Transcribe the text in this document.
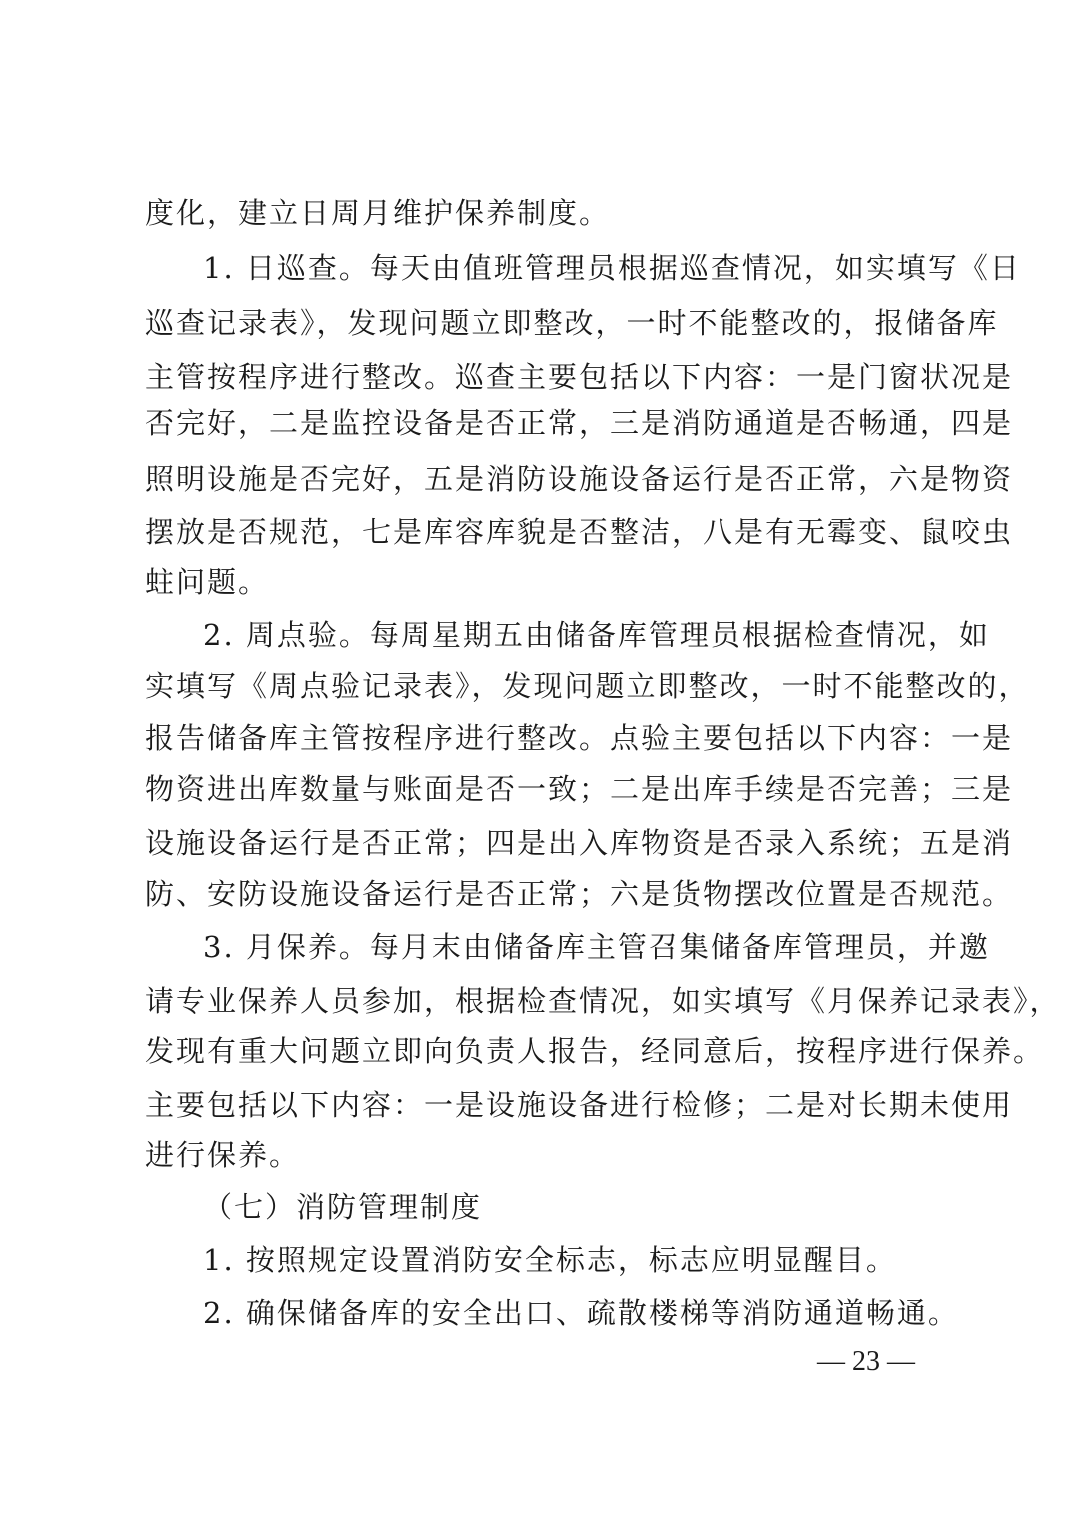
度化，建立日周月维护保养制度。
1. 日巡查。每天由值班管理员根据巡查情况，如实填写《日
巡查记录表》，发现问题立即整改，一时不能整改的，报储备库
主管按程序进行整改。巡查主要包括以下内容：一是门窗状况是
否完好，二是监控设备是否正常，三是消防通道是否畅通，四是
照明设施是否完好，五是消防设施设备运行是否正常，六是物资
摆放是否规范，七是库容库貌是否整洁，八是有无霉变、鼠咬虫
蛀问题。
2. 周点验。每周星期五由储备库管理员根据检查情况，如
实填写《周点验记录表》，发现问题立即整改，一时不能整改的，
报告储备库主管按程序进行整改。点验主要包括以下内容：一是
物资进出库数量与账面是否一致；二是出库手续是否完善；三是
设施设备运行是否正常；四是出入库物资是否录入系统；五是消
防、安防设施设备运行是否正常；六是货物摆改位置是否规范。
3. 月保养。每月末由储备库主管召集储备库管理员，并邀
请专业保养人员参加，根据检查情况，如实填写《月保养记录表》，
发现有重大问题立即向负责人报告，经同意后，按程序进行保养。
主要包括以下内容：一是设施设备进行检修；二是对长期未使用
进行保养。
（七）消防管理制度
1. 按照规定设置消防安全标志，标志应明显醒目。
2. 确保储备库的安全出口、疏散楼梯等消防通道畅通。
— 23 —
